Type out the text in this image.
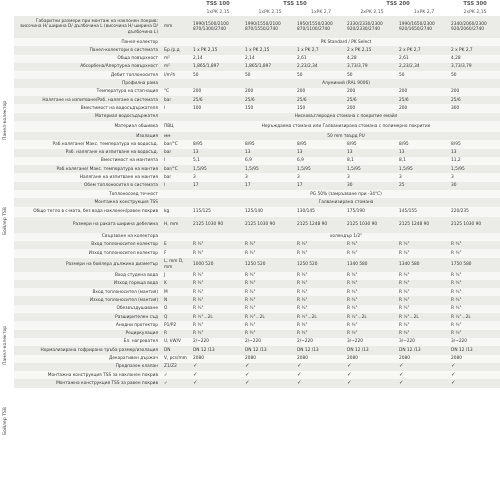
Панел-колектор
Бойлер TSB
Панел-колектор
Бойлер TSB
			TSS 100	TSS 150		TSS 200		TSS 300
			1xPK 2,15	1xPK 2,15	1xPK 2,7	2xPK 2,15	1xPK 2,7	2xPK 2,15
	Габаритни размери при монтаж на наклонен покрив: височина H/ ширина D/ дълбочина L (височина H/ ширина D/ дълбочина L)	mm	1990/1500/2100 870/1300/2740	1990/1550/2100 870/1550/2740	1950/1550/2300 870/1100/2740	2330/2330/2300 920/2330/2740	1990/1650/2300 920/1650/2740	2340/2060/2300 920/2060/2740
	Панел-колектор		PK Standard / PK Select					
	Панел-колектори в системата	Бр./р.д	1 x PK 2,15	1 x PK 2,15	1 x PK 2,7	2 x PK 2,15	2 x PK 2,7	2 x PK 2,7
	Обща повърхност	m²	2,14	2,14	2,61	4,28	2,61	4,28
	Абсорбена/Апертурна повърхност	m²	1,865/1,897	1,865/1,897	2,23/2,34	3,73/3,79	2,23/2,34	3,73/3,79
	Дебит топлоносител	l/m²h	50	50	50	50	50	50
	Профилна рама		Алуминий (RAL 9006)					
	Температура на стагнация	°C	200	200	200	200	200	200
	Налягане на изпитване/Раб. налягане в системата	bar	25/6	25/6	25/6	25/6	25/6	25/6
	Вместимост на водосъдържателя	l	100	150	150	200	200	300
	Материал водосъдържател		Нисковъглеродна стомана с покритие емайл					
	Материал обшивка	ПВЦ	Неръждаема стомана или Галванизирана стомана с полимерно покритие					
	Изолация	мм	50 mm твърд PU					
	Раб.налягане/ Макс. температура на водосъд.	bar/°C	8/95	8/95	8/95	8/95	8/95	8/95
	Раб. налягане на изпитване на водосъд.	bar	13	13	13	13	13	13
	Вместимост на мантията	l	5,1	6,9	6,9	8,1	8,1	11,2
	Раб.налягане/ Макс. температура на мантия	bar/°C	1,5/95	1,5/95	1,5/95	1,5/95	1,5/95	1,5/95
	Налягане на изпитване на мантия	bar	3	3	3	3	3	3
	Обем топлоносител в системата	l	17	17	17	30	25	30
	Топлоносоед течност		PG 50% (замръзване при -34°C)					
	Монтажна конструкция TSS		Галванизирана стомана					
	Общо тегло в с-мата, без вода наклонен/равен покрив	kg	115/125	125/140	130/145	175/190	145/155	220/235
	Размери на раката ширина дебелина	H, mm	2125 1030 90	2125 1030 90	2125 1248 90	2125 1030 90	2125 1248 90	2125 1030 90
	Свързване на колектора		холендър 1/2"					
	Вход топлоносител колектор	E	R ¾"	R ¾"	R ¾"	R ¾"	R ¾"	R ¾"
	Изход топлоносител колектор	F	R ¾"	R ¾"	R ¾"	R ¾"	R ¾"	R ¾"
	Размери на бойлера дължина диаметър	L, mm D, mm	1000 520	1250 520	1250 520	1340 580	1340 580	1750 580
	Вход студена вода	J	R ¾"	R ¾"	R ¾"	R ¾"	R ¾"	R ¾"
	Изход гореща вода	K	R ¾"	R ¾"	R ¾"	R ¾"	R ¾"	R ¾"
	Вход топлоносител (мантия)	M	R ¾"	R ¾"	R ¾"	R ¾"	R ¾"	R ¾"
	Изход топлоносител (мантия)	N	R ¾"	R ¾"	R ¾"	R ¾"	R ¾"	R ¾"
	Обезвъздушаване	O	R ¾"	R ¾"	R ¾"	R ¾"	R ¾"	R ¾"
	Разширителен съд	Q	R ½"...2L	R ½"...2L	R ½"...2L	R ½"...2L	R ½"...2L	R ½"...2L
	Анодни протектор	P1/P2	R ¾"	R ¾"	R ¾"	R ¾"	R ¾"	R ¾"
	Рециркулация	R	R ¾"	R ¾"	R ¾"	R ¾"	R ¾"	R ¾"
	Ел. нагревател	U, kW/V	2/~220	2/~220	2/~220	3/~220	3/~220	3/~220
	Нормализирана гофрирана тръба размер/изолация	DN	DN 12 /13	DN 12 /13	DN 12 /13	DN 12 /13	DN 12 /13	DN 12 /13
	Декоративен държач	V, pcs/mm	2080	2080	2080	2080	2080	2080
	Предпазен клапан	Z1/Z2	✓	✓	✓	✓	✓	✓
	Монтажна конструкция TSS за наклонен покрив	✓	✓	✓	✓	✓	✓	✓
	Монтажна конструкция TSS за равен покрив	✓	✓	✓	✓	✓	✓	✓
